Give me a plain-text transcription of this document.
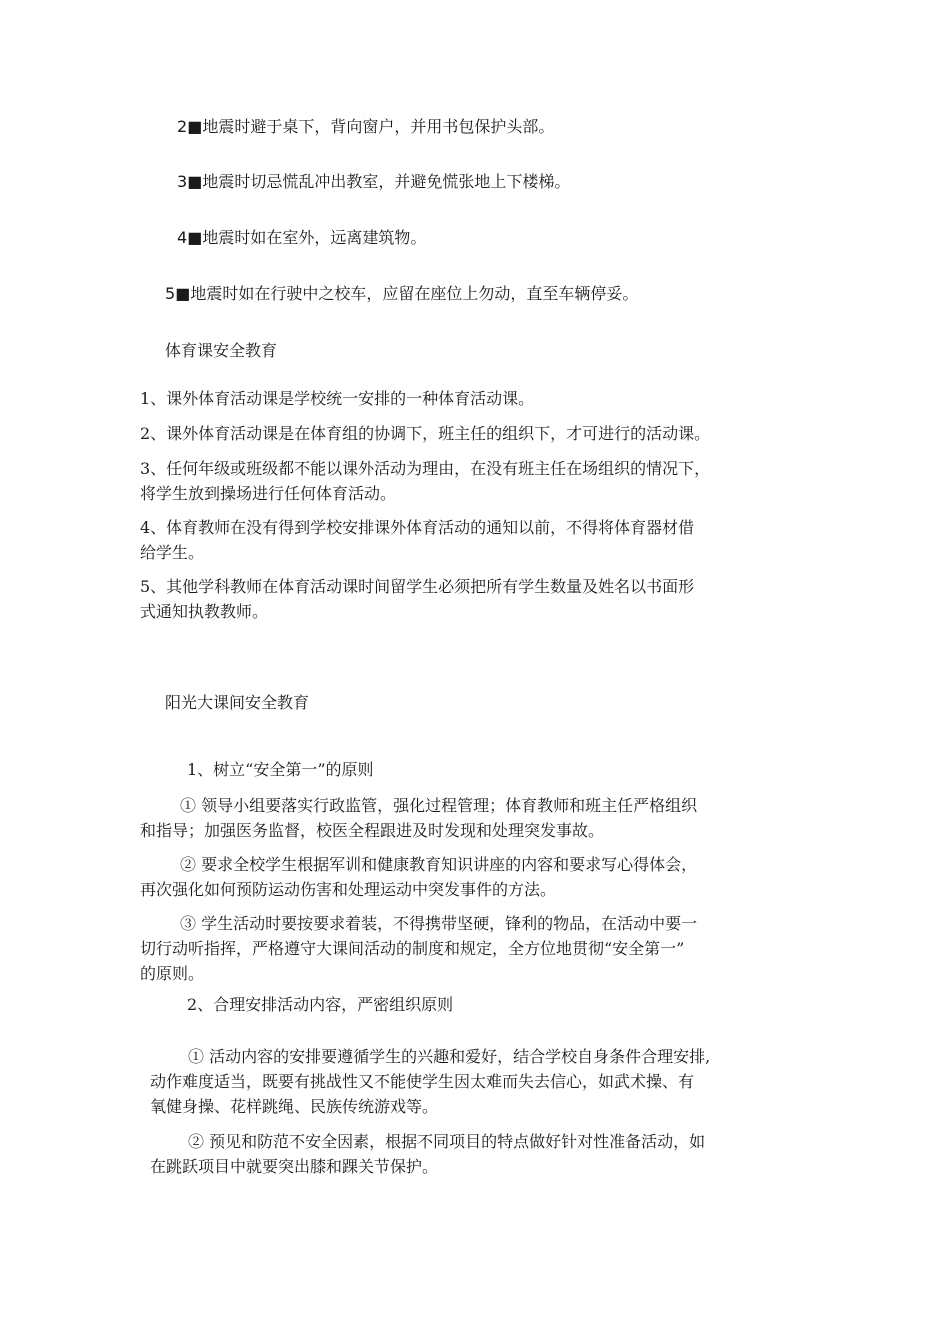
2■地震时避于桌下，背向窗户，并用书包保护头部。
3■地震时切忌慌乱冲出教室，并避免慌张地上下楼梯。
4■地震时如在室外，远离建筑物。
5■地震时如在行驶中之校车，应留在座位上勿动，直至车辆停妥。
体育课安全教育

1、课外体育活动课是学校统一安排的一种体育活动课。

2、课外体育活动课是在体育组的协调下，班主任的组织下，才可进行的活动课。

3、任何年级或班级都不能以课外活动为理由，在没有班主任在场组织的情况下，

将学生放到操场进行任何体育活动。

4、体育教师在没有得到学校安排课外体育活动的通知以前，不得将体育器材借

给学生。

5、其他学科教师在体育活动课时间留学生必须把所有学生数量及姓名以书面形

式通知执教教师。

阳光大课间安全教育
1、树立“安全第一”的原则

① 领导小组要落实行政监管，强化过程管理；体育教师和班主任严格组织

和指导；加强医务监督，校医全程跟进及时发现和处理突发事故。

② 要求全校学生根据军训和健康教育知识讲座的内容和要求写心得体会，

再次强化如何预防运动伤害和处理运动中突发事件的方法。

③ 学生活动时要按要求着装，不得携带坚硬，锋利的物品，在活动中要一

切行动听指挥，严格遵守大课间活动的制度和规定，全方位地贯彻“安全第一”

的原则。

2、合理安排活动内容，严密组织原则

① 活动内容的安排要遵循学生的兴趣和爱好，结合学校自身条件合理安排,

动作难度适当，既要有挑战性又不能使学生因太难而失去信心，如武术操、有

氧健身操、花样跳绳、民族传统游戏等。

② 预见和防范不安全因素，根据不同项目的特点做好针对性准备活动，如

在跳跃项目中就要突出膝和踝关节保护。
